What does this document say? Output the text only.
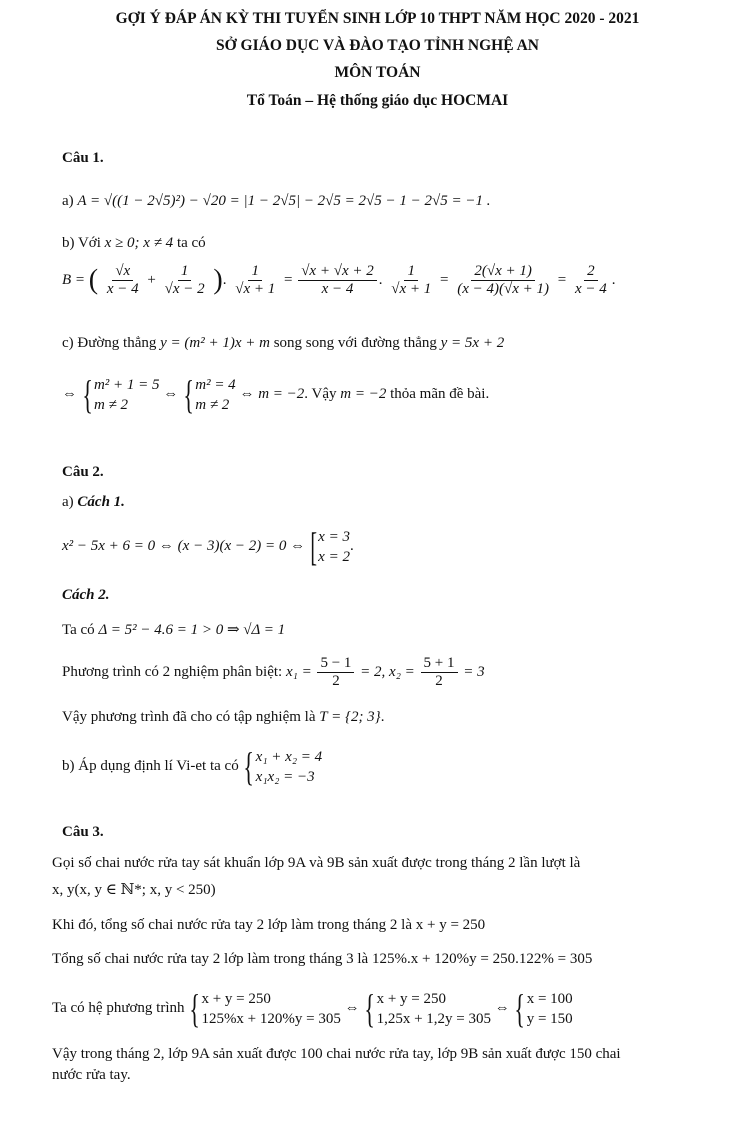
GỢI Ý ĐÁP ÁN KỲ THI TUYỂN SINH LỚP 10 THPT NĂM HỌC 2020 - 2021
SỞ GIÁO DỤC VÀ ĐÀO TẠO TỈNH NGHỆ AN
MÔN TOÁN
Tổ Toán – Hệ thống giáo dục HOCMAI
Câu 1.
a) A = √((1 − 2√5)²) − √20 = |1 − 2√5| − 2√5 = 2√5 − 1 − 2√5 = −1 .
b) Với x ≥ 0; x ≠ 4 ta có
B = ( $\frac{√x}{x - 4} + \frac{1}{√x - 2}$ ). $\frac{1}{√x + 1} = \frac{√x + √x + 2}{x - 4}$ . $\frac{1}{√x + 1} = \frac{2(√x + 1)}{(x - 4)(√x + 1)} = \frac{2}{x - 4}$ .
c) Đường thẳng y = (m² + 1)x + m song song với đường thẳng y = 5x + 2
⇔ { m² + 1 = 5
m ≠ 2
⇔ { m² = 4
m ≠ 2
⇔ m = −2. Vậy m = −2 thỏa mãn đề bài.
Câu 2.
a) Cách 1.
x² − 5x + 6 = 0 ⇔ (x − 3)(x − 2) = 0 ⇔ [ x = 3
x = 2
.
Cách 2.
Ta có Δ = 5² − 4.6 = 1 > 0 ⇒ √Δ = 1
Phương trình có 2 nghiệm phân biệt: $x_1 = \frac{5 - 1}{2} = 2$, $x_2 = \frac{5 + 1}{2} = 3$
Vậy phương trình đã cho có tập nghiệm là T = {2; 3}.
b) Áp dụng định lí Vi-et ta có { x₁ + x₂ = 4
x₁x₂ = −3
Câu 3.
Gọi số chai nước rửa tay sát khuẩn lớp 9A và 9B sản xuất được trong tháng 2 lần lượt là
x, y(x, y ∈ ℕ*; x, y < 250)
Khi đó, tổng số chai nước rửa tay 2 lớp làm trong tháng 2 là x + y = 250
Tổng số chai nước rửa tay 2 lớp làm trong tháng 3 là 125%.x + 120%y = 250.122% = 305
Ta có hệ phương trình { x + y = 250
125%x + 120%y = 305
⇔ { x + y = 250
1,25x + 1,2y = 305
⇔ { x = 100
y = 150
Vậy trong tháng 2, lớp 9A sản xuất được 100 chai nước rửa tay, lớp 9B sản xuất được 150 chai
nước rửa tay.
